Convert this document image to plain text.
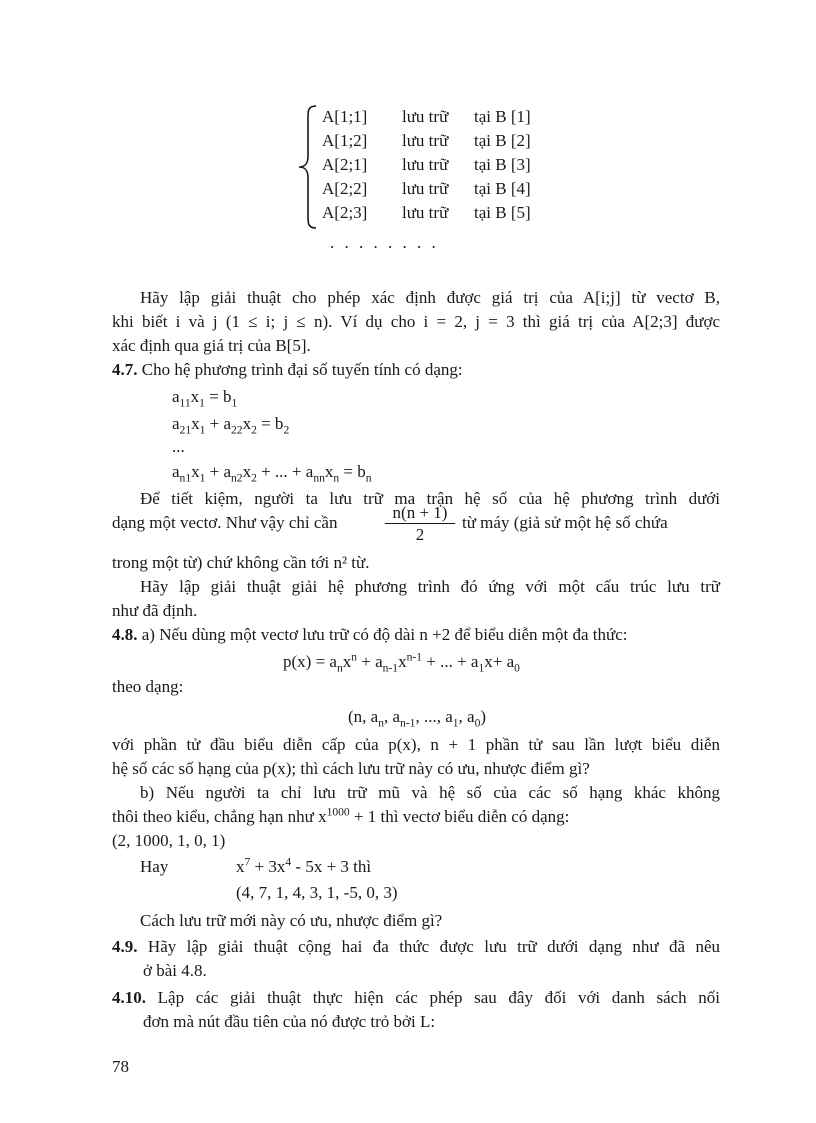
A[1;1] lưu trữ tại B [1]
A[1;2] lưu trữ tại B [2]
A[2;1] lưu trữ tại B [3]
A[2;2] lưu trữ tại B [4]
A[2;3] lưu trữ tại B [5]
. . . . . . . .
Hãy lập giải thuật cho phép xác định được giá trị của A[i;j] từ vectơ B,
khi biết i và j (1 ≤ i; j ≤ n). Ví dụ cho i = 2, j = 3 thì giá trị của A[2;3] được
xác định qua giá trị của B[5].
4.7. Cho hệ phương trình đại số tuyến tính có dạng:
$a_{11}x_1 = b_1$
$a_{21}x_1 + a_{22}x_2 = b_2$
...
$a_{n1}x_1 + a_{n2}x_2$ + ... + $a_{nn}x_n = b_n$
Để tiết kiệm, người ta lưu trữ ma trận hệ số của hệ phương trình dưới
dạng một vectơ. Như vậy chỉ cần	$\frac{n(n + 1)}{2}$ từ máy (giả sử một hệ số chứa
trong một từ) chứ không cần tới n² từ.
Hãy lập giải thuật giải hệ phương trình đó ứng với một cấu trúc lưu trữ
như đã định.
4.8. a) Nếu dùng một vectơ lưu trữ có độ dài n +2 để biểu diễn một đa thức:
$p(x) = a_nx^n + a_{n-1}x^{n-1}$ + ... + $a_1x+ a_0$
theo dạng:
(n, $a_n$, $a_{n-1}$, ..., $a_1$, $a_0$)
với phần tử đầu biểu diễn cấp của p(x), n + 1 phần tử sau lần lượt biểu diễn
hệ số các số hạng của p(x); thì cách lưu trữ này có ưu, nhược điểm gì?
b) Nếu người ta chỉ lưu trữ mũ và hệ số của các số hạng khác không
thôi theo kiểu, chẳng hạn như $x^{1000} + 1$ thì vectơ biểu diễn có dạng:
(2, 1000, 1, 0, 1)
Hay	$x^7 + 3x^4 - 5x + 3$ thì
(4, 7, 1, 4, 3, 1, -5, 0, 3)
Cách lưu trữ mới này có ưu, nhược điểm gì?
4.9. Hãy lập giải thuật cộng hai đa thức được lưu trữ dưới dạng như đã nêu
ở bài 4.8.
4.10. Lập các giải thuật thực hiện các phép sau đây đối với danh sách nối
đơn mà nút đầu tiên của nó được trỏ bởi L:
78
